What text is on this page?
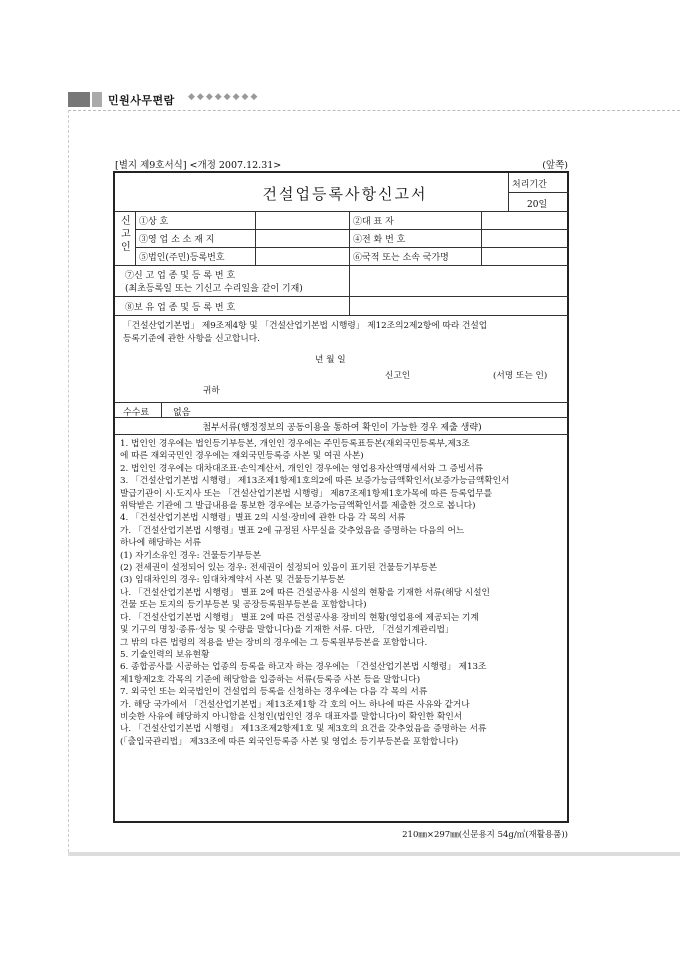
민원사무편람 ◆◆◆◆◆◆◆◆
[별지 제9호서식] <개정 2007.12.31>	(앞쪽)
건설업등록사항신고서	처리기간
20일
신
고
인
①상 호	②대 표 자
③영 업 소 소 재 지	④전 화 번 호
⑤법인(주민)등록번호	⑥국적 또는 소속 국가명
⑦신 고 업 종 및 등 록 번 호
(최초등록일 또는 기신고 수리일을 같이 기재)
⑧보 유 업 종 및 등 록 번 호
「건설산업기본법」 제9조제4항 및 「건설산업기본법 시행령」 제12조의2제2항에 따라 건설업
등록기준에 관한 사항을 신고합니다.
년 월 일
신고인	(서명 또는 인)
귀하
수수료	없음
첨부서류(행정정보의 공동이용을 통하여 확인이 가능한 경우 제출 생략)
1. 법인인 경우에는 법인등기부등본, 개인인 경우에는 주민등록표등본(재외국민등록부,제3조
에 따른 재외국민인 경우에는 재외국민등록증 사본 및 여권 사본)
2. 법인인 경우에는 대차대조표·손익계산서, 개인인 경우에는 영업용자산액명세서와 그 증빙서류
3. 「건설산업기본법 시행령」 제13조제1항제1호의2에 따른 보증가능금액확인서(보증가능금액확인서
발급기관이 시·도지사 또는 「건설산업기본법 시행령」 제87조제1항제1호가목에 따른 등록업무를
위탁받은 기관에 그 발급내용을 통보한 경우에는 보증가능금액확인서를 제출한 것으로 봅니다)
4. 「건설산업기본법 시행령」별표 2의 시설·장비에 관한 다음 각 목의 서류
가. 「건설산업기본법 시행령」별표 2에 규정된 사무실을 갖추었음을 증명하는 다음의 어느
하나에 해당하는 서류
(1) 자기소유인 경우: 건물등기부등본
(2) 전세권이 설정되어 있는 경우: 전세권이 설정되어 있음이 표기된 건물등기부등본
(3) 임대차인의 경우: 임대차계약서 사본 및 건물등기부등본
나. 「건설산업기본법 시행령」 별표 2에 따른 건설공사용 시설의 현황을 기재한 서류(해당 시설인
건물 또는 토지의 등기부등본 및 공장등록원부등본을 포함합니다)
다. 「건설산업기본법 시행령」 별표 2에 따른 건설공사용 장비의 현황(영업용에 제공되는 기계
및 기구의 명칭·종류·성능 및 수량을 말합니다)을 기재한 서류. 다만, 「건설기계관리법」
그 밖의 다른 법령의 적용을 받는 장비의 경우에는 그 등록원부등본을 포함합니다.
5. 기술인력의 보유현황
6. 종합공사를 시공하는 업종의 등록을 하고자 하는 경우에는 「건설산업기본법 시행령」 제13조
제1항제2호 각목의 기준에 해당함을 입증하는 서류(등록증 사본 등을 말합니다)
7. 외국인 또는 외국법인이 건설업의 등록을 신청하는 경우에는 다음 각 목의 서류
가. 해당 국가에서 「건설산업기본법」제13조제1항 각 호의 어느 하나에 따른 사유와 같거나
비슷한 사유에 해당하지 아니함을 신청인(법인인 경우 대표자를 말합니다)이 확인한 확인서
나. 「건설산업기본법 시행령」 제13조제2항제1호 및 제3호의 요건을 갖추었음을 증명하는 서류
(「출입국관리법」 제33조에 따른 외국인등록증 사본 및 영업소 등기부등본을 포함합니다)
210㎜×297㎜(신문용지 54g/㎡(재활용품))
